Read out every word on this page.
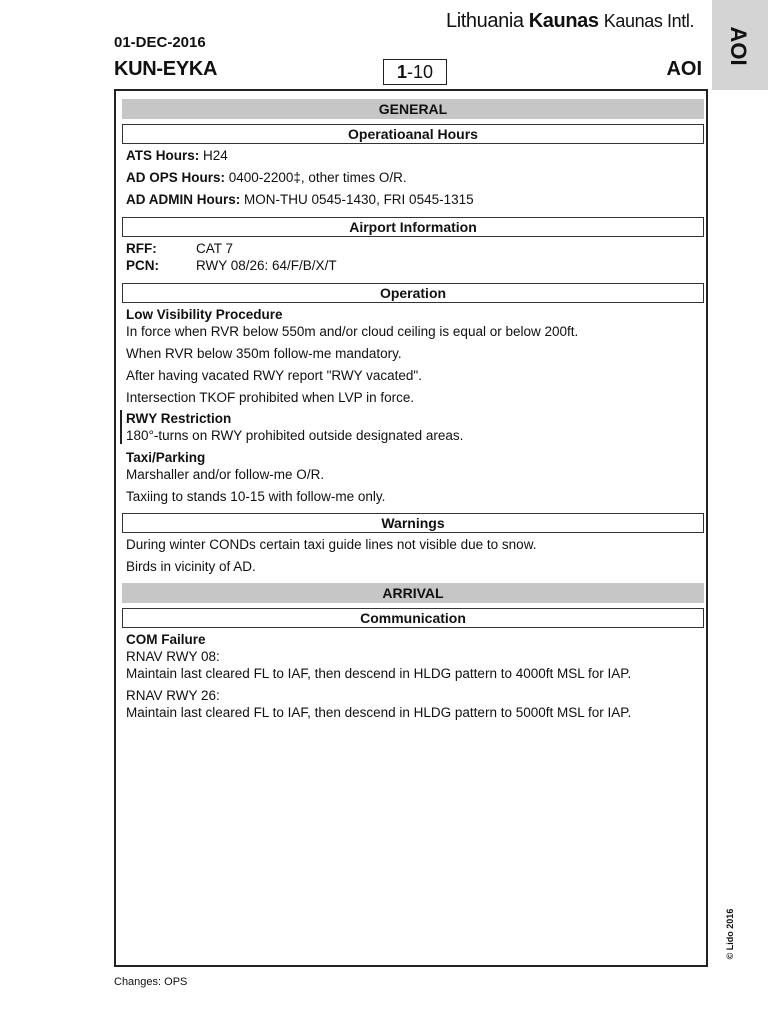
Lithuania Kaunas Kaunas Intl.
01-DEC-2016
KUN-EYKA	1-10	AOI
AOI
GENERAL
Operatioanal Hours
ATS Hours: H24
AD OPS Hours: 0400-2200‡, other times O/R.
AD ADMIN Hours: MON-THU 0545-1430, FRI 0545-1315
Airport Information
RFF:	CAT 7
PCN:	RWY 08/26: 64/F/B/X/T
Operation
Low Visibility Procedure
In force when RVR below 550m and/or cloud ceiling is equal or below 200ft.
When RVR below 350m follow-me mandatory.
After having vacated RWY report "RWY vacated".
Intersection TKOF prohibited when LVP in force.
RWY Restriction
180°-turns on RWY prohibited outside designated areas.
Taxi/Parking
Marshaller and/or follow-me O/R.
Taxiing to stands 10-15 with follow-me only.
Warnings
During winter CONDs certain taxi guide lines not visible due to snow.
Birds in vicinity of AD.
ARRIVAL
Communication
COM Failure
RNAV RWY 08:
Maintain last cleared FL to IAF, then descend in HLDG pattern to 4000ft MSL for IAP.
RNAV RWY 26:
Maintain last cleared FL to IAF, then descend in HLDG pattern to 5000ft MSL for IAP.
Changes: OPS
© Lido 2016
